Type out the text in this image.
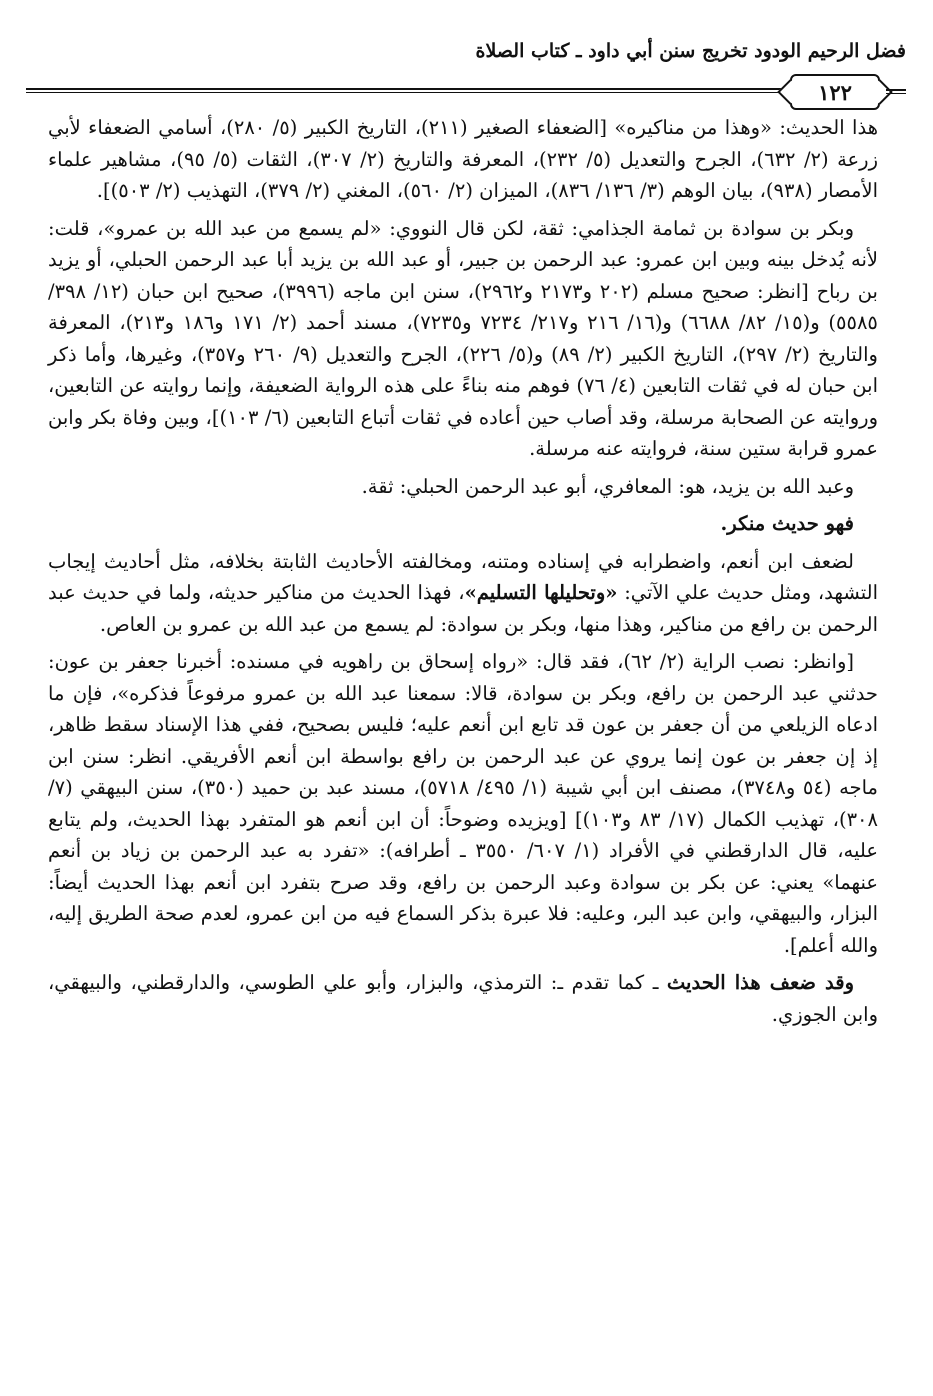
فضل الرحيم الودود تخريج سنن أبي داود ـ كتاب الصلاة
١٢٢

هذا الحديث: «وهذا من مناكيره» [الضعفاء الصغير (٢١١)، التاريخ الكبير (٥/ ٢٨٠)، أسامي الضعفاء لأبي زرعة (٢/ ٦٣٢)، الجرح والتعديل (٥/ ٢٣٢)، المعرفة والتاريخ (٢/ ٣٠٧)، الثقات (٥/ ٩٥)، مشاهير علماء الأمصار (٩٣٨)، بيان الوهم (٣/ ١٣٦/ ٨٣٦)، الميزان (٢/ ٥٦٠)، المغني (٢/ ٣٧٩)، التهذيب (٢/ ٥٠٣)].

وبكر بن سوادة بن ثمامة الجذامي: ثقة، لكن قال النووي: «لم يسمع من عبد الله بن عمرو»، قلت: لأنه يُدخل بينه وبين ابن عمرو: عبد الرحمن بن جبير، أو عبد الله بن يزيد أبا عبد الرحمن الحبلي، أو يزيد بن رباح [انظر: صحيح مسلم (٢٠٢ و٢١٧٣ و٢٩٦٢)، سنن ابن ماجه (٣٩٩٦)، صحيح ابن حبان (١٢/ ٣٩٨/ ٥٥٨٥) و(١٥/ ٨٢/ ٦٦٨٨) و(١٦/ ٢١٦ و٢١٧/ ٧٢٣٤ و٧٢٣٥)، مسند أحمد (٢/ ١٧١ و١٨٦ و٢١٣)، المعرفة والتاريخ (٢/ ٢٩٧)، التاريخ الكبير (٢/ ٨٩) و(٥/ ٢٢٦)، الجرح والتعديل (٩/ ٢٦٠ و٣٥٧)، وغيرها، وأما ذكر ابن حبان له في ثقات التابعين (٤/ ٧٦) فوهم منه بناءً على هذه الرواية الضعيفة، وإنما روايته عن التابعين، وروايته عن الصحابة مرسلة، وقد أصاب حين أعاده في ثقات أتباع التابعين (٦/ ١٠٣)]، وبين وفاة بكر وابن عمرو قرابة ستين سنة، فروايته عنه مرسلة.

وعبد الله بن يزيد، هو: المعافري، أبو عبد الرحمن الحبلي: ثقة.

فهو حديث منكر.

لضعف ابن أنعم، واضطرابه في إسناده ومتنه، ومخالفته الأحاديث الثابتة بخلافه، مثل أحاديث إيجاب التشهد، ومثل حديث علي الآتي: «وتحليلها التسليم»، فهذا الحديث من مناكير حديثه، ولما في حديث عبد الرحمن بن رافع من مناكير، وهذا منها، وبكر بن سوادة: لم يسمع من عبد الله بن عمرو بن العاص.

[وانظر: نصب الراية (٢/ ٦٢)، فقد قال: «رواه إسحاق بن راهويه في مسنده: أخبرنا جعفر بن عون: حدثني عبد الرحمن بن رافع، وبكر بن سوادة، قالا: سمعنا عبد الله بن عمرو مرفوعاً فذكره»، فإن ما ادعاه الزيلعي من أن جعفر بن عون قد تابع ابن أنعم عليه؛ فليس بصحيح، ففي هذا الإسناد سقط ظاهر، إذ إن جعفر بن عون إنما يروي عن عبد الرحمن بن رافع بواسطة ابن أنعم الأفريقي. انظر: سنن ابن ماجه (٥٤ و٣٧٤٨)، مصنف ابن أبي شيبة (١/ ٤٩٥/ ٥٧١٨)، مسند عبد بن حميد (٣٥٠)، سنن البيهقي (٧/ ٣٠٨)، تهذيب الكمال (١٧/ ٨٣ و١٠٣)] [ويزيده وضوحاً: أن ابن أنعم هو المتفرد بهذا الحديث، ولم يتابع عليه، قال الدارقطني في الأفراد (١/ ٦٠٧/ ٣٥٥٠ ـ أطرافه): «تفرد به عبد الرحمن بن زياد بن أنعم عنهما» يعني: عن بكر بن سوادة وعبد الرحمن بن رافع، وقد صرح بتفرد ابن أنعم بهذا الحديث أيضاً: البزار، والبيهقي، وابن عبد البر، وعليه: فلا عبرة بذكر السماع فيه من ابن عمرو، لعدم صحة الطريق إليه، والله أعلم].

وقد ضعف هذا الحديث ـ كما تقدم ـ: الترمذي، والبزار، وأبو علي الطوسي، والدارقطني، والبيهقي، وابن الجوزي.
